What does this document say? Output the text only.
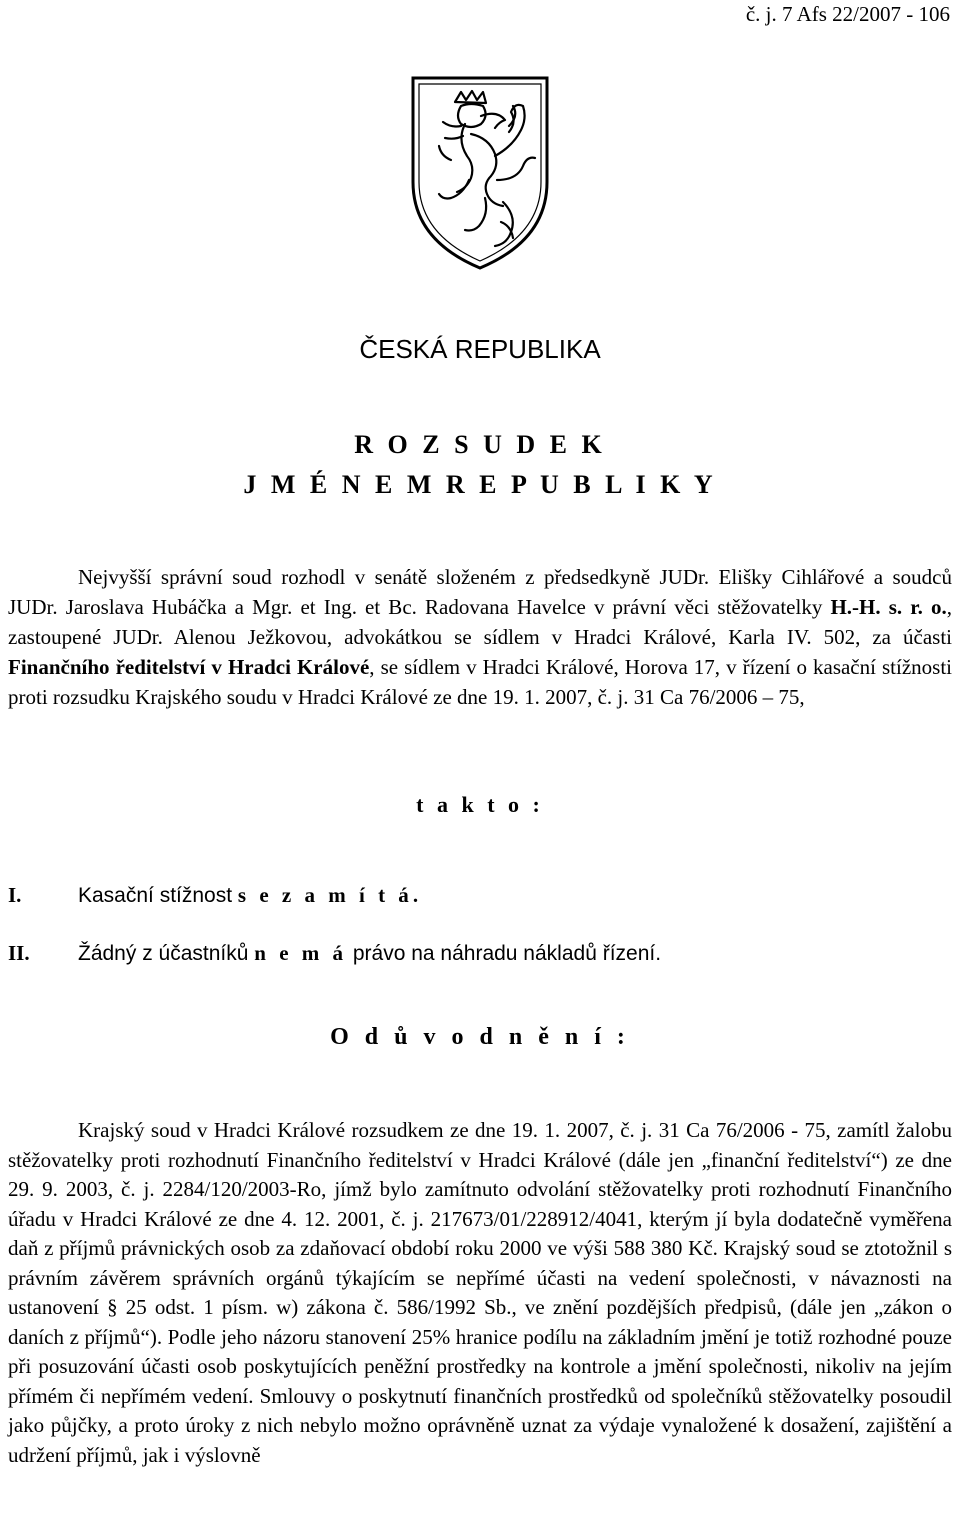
č. j. 7 Afs 22/2007 - 106
ČESKÁ REPUBLIKA
R O Z S U D E K
J M É N E M R E P U B L I K Y

Nejvyšší správní soud rozhodl v senátě složeném z předsedkyně JUDr. Elišky Cihlářové a soudců JUDr. Jaroslava Hubáčka a Mgr. et Ing. et Bc. Radovana Havelce v právní věci stěžovatelky H.-H. s. r. o., zastoupené JUDr. Alenou Ježkovou, advokátkou se sídlem v Hradci Králové, Karla IV. 502, za účasti Finančního ředitelství v Hradci Králové, se sídlem v Hradci Králové, Horova 17, v řízení o kasační stížnosti proti rozsudku Krajského soudu v Hradci Králové ze dne 19. 1. 2007, č. j. 31 Ca 76/2006 – 75,

t a k t o :
I.	Kasační stížnost s e z a m í t á.
II. Žádný z účastníků n e m á právo na náhradu nákladů řízení.
O d ů v o d n ě n í :

Krajský soud v Hradci Králové rozsudkem ze dne 19. 1. 2007, č. j. 31 Ca 76/2006 - 75, zamítl žalobu stěžovatelky proti rozhodnutí Finančního ředitelství v Hradci Králové (dále jen „finanční ředitelství“) ze dne 29. 9. 2003, č. j. 2284/120/2003-Ro, jímž bylo zamítnuto odvolání stěžovatelky proti rozhodnutí Finančního úřadu v Hradci Králové ze dne 4. 12. 2001, č. j. 217673/01/228912/4041, kterým jí byla dodatečně vyměřena daň z příjmů právnických osob za zdaňovací období roku 2000 ve výši 588 380 Kč. Krajský soud se ztotožnil s právním závěrem správních orgánů týkajícím se nepřímé účasti na vedení společnosti, v návaznosti na ustanovení § 25 odst. 1 písm. w) zákona č. 586/1992 Sb., ve znění pozdějších předpisů, (dále jen „zákon o daních z příjmů“). Podle jeho názoru stanovení 25% hranice podílu na základním jmění je totiž rozhodné pouze při posuzování účasti osob poskytujících peněžní prostředky na kontrole a jmění společnosti, nikoliv na jejím přímém či nepřímém vedení. Smlouvy o poskytnutí finančních prostředků od společníků stěžovatelky posoudil jako půjčky, a proto úroky z nich nebylo možno oprávněně uznat za výdaje vynaložené k dosažení, zajištění a udržení příjmů, jak i výslovně
